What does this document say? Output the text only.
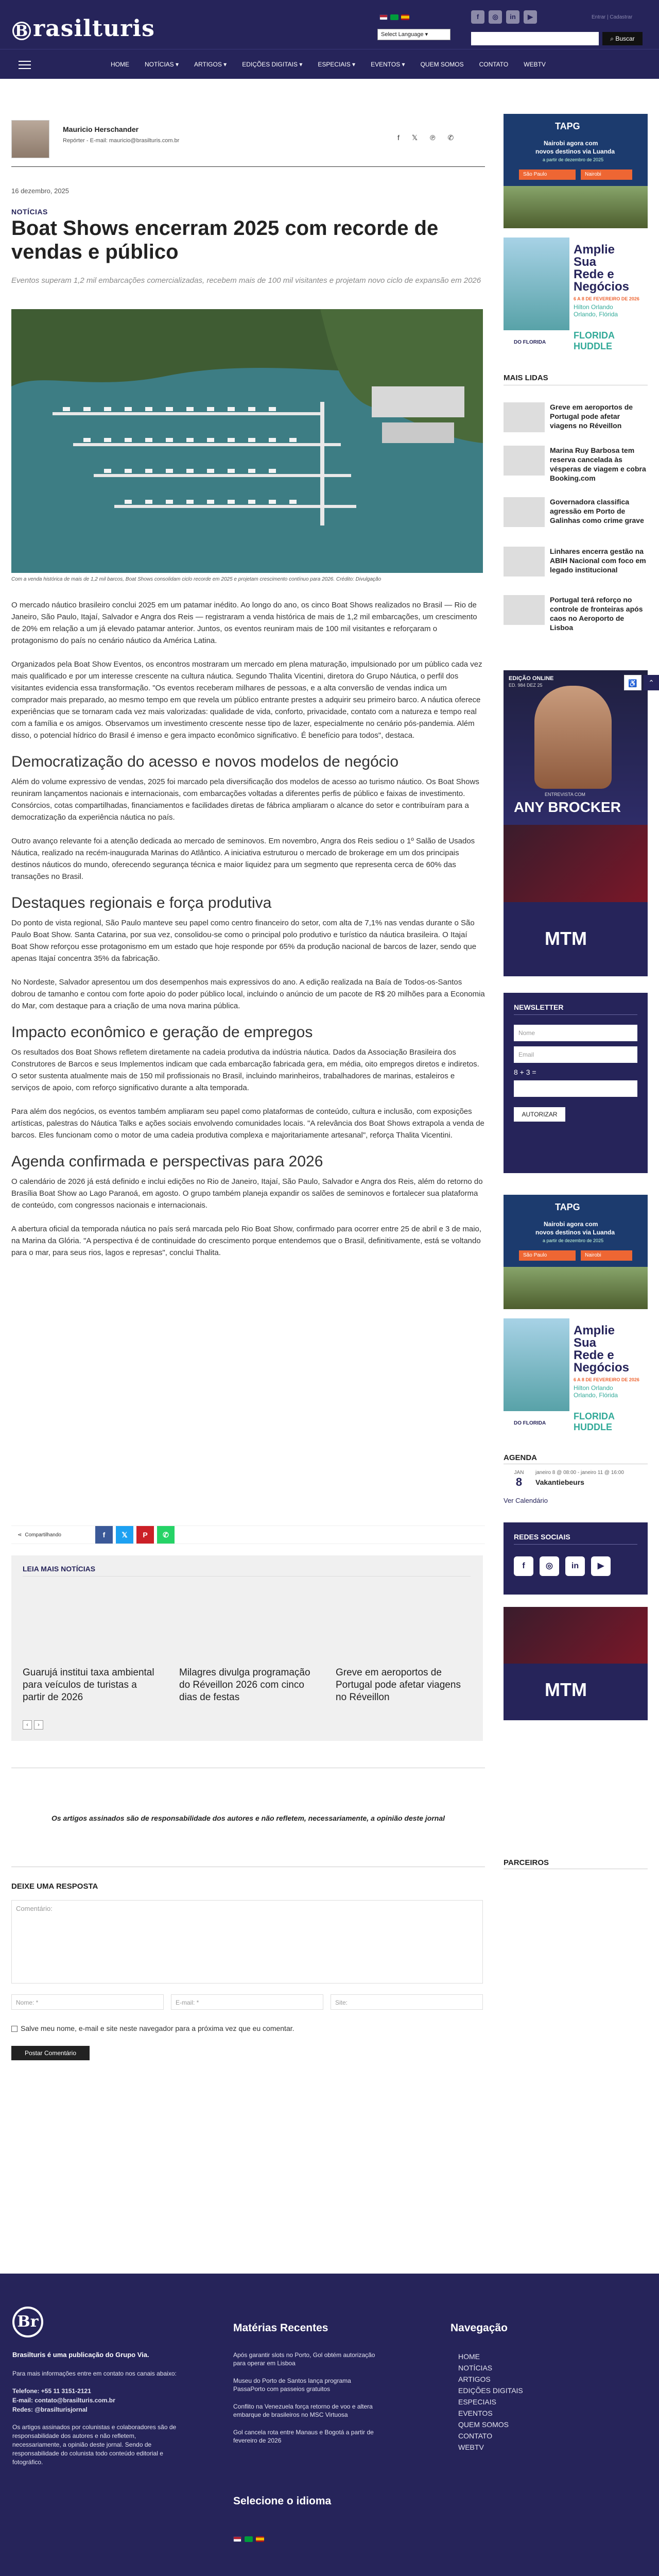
B rasilturis	Select Language ▾
f	◎	in	▶	Entrar | Cadastrar
⌕ Buscar
HOME	NOTÍCIAS ▾	ARTIGOS ▾	EDIÇÕES DIGITAIS ▾	ESPECIAIS ▾	EVENTOS ▾	QUEM SOMOS	CONTATO	WEBTV
Mauricio Herschander
Repórter - E-mail: mauricio@brasilturis.com.br	f 𝕏 ℗ ✆
16 dezembro, 2025
NOTÍCIAS
Boat Shows encerram 2025 com recorde de vendas e público
Eventos superam 1,2 mil embarcações comercializadas, recebem mais de 100 mil visitantes e projetam novo ciclo de expansão em 2026
Com a venda histórica de mais de 1,2 mil barcos, Boat Shows consolidam ciclo recorde em 2025 e projetam crescimento contínuo para 2026. Crédito: Divulgação

O mercado náutico brasileiro conclui 2025 em um patamar inédito. Ao longo do ano, os cinco Boat Shows realizados no Brasil — Rio de Janeiro, São Paulo, Itajaí, Salvador e Angra dos Reis — registraram a venda histórica de mais de 1,2 mil embarcações, um crescimento de 20% em relação a um já elevado patamar anterior. Juntos, os eventos reuniram mais de 100 mil visitantes e reforçaram o protagonismo do país no cenário náutico da América Latina.

Organizados pela Boat Show Eventos, os encontros mostraram um mercado em plena maturação, impulsionado por um público cada vez mais qualificado e por um interesse crescente na cultura náutica. Segundo Thalita Vicentini, diretora do Grupo Náutica, o perfil dos visitantes evidencia essa transformação. "Os eventos receberam milhares de pessoas, e a alta conversão de vendas indica um comprador mais preparado, ao mesmo tempo em que revela um público entrante prestes a adquirir seu primeiro barco. A náutica oferece experiências que se tornaram cada vez mais valorizadas: qualidade de vida, conforto, privacidade, contato com a natureza e tempo real com a família e os amigos. Observamos um investimento crescente nesse tipo de lazer, especialmente no cenário pós-pandemia. Além disso, o potencial hídrico do Brasil é imenso e gera impacto econômico significativo. É benefício para todos", destaca.

Democratização do acesso e novos modelos de negócio

Além do volume expressivo de vendas, 2025 foi marcado pela diversificação dos modelos de acesso ao turismo náutico. Os Boat Shows reuniram lançamentos nacionais e internacionais, com embarcações voltadas a diferentes perfis de público e faixas de investimento. Consórcios, cotas compartilhadas, financiamentos e facilidades diretas de fábrica ampliaram o alcance do setor e contribuíram para a democratização da experiência náutica no país.

Outro avanço relevante foi a atenção dedicada ao mercado de seminovos. Em novembro, Angra dos Reis sediou o 1º Salão de Usados Náutica, realizado na recém-inaugurada Marinas do Atlântico. A iniciativa estruturou o mercado de brokerage em um dos principais destinos náuticos do mundo, oferecendo segurança técnica e maior liquidez para um segmento que representa cerca de 60% das transações no Brasil.

Destaques regionais e força produtiva

Do ponto de vista regional, São Paulo manteve seu papel como centro financeiro do setor, com alta de 7,1% nas vendas durante o São Paulo Boat Show. Santa Catarina, por sua vez, consolidou-se como o principal polo produtivo e turístico da náutica brasileira. O Itajaí Boat Show reforçou esse protagonismo em um estado que hoje responde por 65% da produção nacional de barcos de lazer, sendo que apenas Itajaí concentra 35% da fabricação.

No Nordeste, Salvador apresentou um dos desempenhos mais expressivos do ano. A edição realizada na Baía de Todos-os-Santos dobrou de tamanho e contou com forte apoio do poder público local, incluindo o anúncio de um pacote de R$ 20 milhões para a Economia do Mar, com destaque para a criação de uma nova marina pública.

Impacto econômico e geração de empregos

Os resultados dos Boat Shows refletem diretamente na cadeia produtiva da indústria náutica. Dados da Associação Brasileira dos Construtores de Barcos e seus Implementos indicam que cada embarcação fabricada gera, em média, oito empregos diretos e indiretos. O setor sustenta atualmente mais de 150 mil profissionais no Brasil, incluindo marinheiros, trabalhadores de marinas, estaleiros e serviços de apoio, com reforço significativo durante a alta temporada.

Para além dos negócios, os eventos também ampliaram seu papel como plataformas de conteúdo, cultura e inclusão, com exposições artísticas, palestras do Náutica Talks e ações sociais envolvendo comunidades locais. "A relevância dos Boat Shows extrapola a venda de barcos. Eles funcionam como o motor de uma cadeia produtiva complexa e majoritariamente artesanal", reforça Thalita Vicentini.

Agenda confirmada e perspectivas para 2026

O calendário de 2026 já está definido e inclui edições no Rio de Janeiro, Itajaí, São Paulo, Salvador e Angra dos Reis, além do retorno do Brasília Boat Show ao Lago Paranoá, em agosto. O grupo também planeja expandir os salões de seminovos e fortalecer sua plataforma de conteúdo, com congressos nacionais e internacionais.

A abertura oficial da temporada náutica no país será marcada pelo Rio Boat Show, confirmado para ocorrer entre 25 de abril e 3 de maio, na Marina da Glória. "A perspectiva é de continuidade do crescimento porque entendemos que o Brasil, definitivamente, está se voltando para o mar, para seus rios, lagos e represas", conclui Thalita.

⋖ Compartilhando	f	𝕏	P	✆
LEIA MAIS NOTÍCIAS
Guarujá institui taxa ambiental para veículos de turistas a partir de 2026
Milagres divulga programação do Réveillon 2026 com cinco dias de festas
Greve em aeroportos de Portugal pode afetar viagens no Réveillon
‹	›
Os artigos assinados são de responsabilidade dos autores e não refletem, necessariamente, a opinião deste jornal
DEIXE UMA RESPOSTA
Comentário:
Nome: *	E-mail: *	Site:
Salve meu nome, e-mail e site neste navegador para a próxima vez que eu comentar.
Postar Comentário
TAPG
Nairobi agora com
novos destinos via Luanda
a partir de dezembro de 2025
São Paulo	Nairobi
Amplie
Sua
Rede e
Negócios
6 A 8 DE FEVEREIRO DE 2026
Hilton Orlando
Orlando, Flórida
DO FLORIDA
FLORIDA HUDDLE
MAIS LIDAS
Greve em aeroportos de Portugal pode afetar viagens no Réveillon
Marina Ruy Barbosa tem reserva cancelada às vésperas de viagem e cobra Booking.com
Governadora classifica agressão em Porto de Galinhas como crime grave
Linhares encerra gestão na ABIH Nacional com foco em legado institucional
Portugal terá reforço no controle de fronteiras após caos no Aeroporto de Lisboa
EDIÇÃO ONLINE
ED. 984 DEZ 25
ENTREVISTA COM
ANY BROCKER
MTM
NEWSLETTER
Nome
Email
8 + 3 =
AUTORIZAR
TAPG
Nairobi agora com
novos destinos via Luanda
a partir de dezembro de 2025
São Paulo	Nairobi
Amplie
Sua
Rede e
Negócios
6 A 8 DE FEVEREIRO DE 2026
Hilton Orlando
Orlando, Flórida
DO FLORIDA
FLORIDA HUDDLE
AGENDA
JAN
8
janeiro 8 @ 08:00 - janeiro 11 @ 16:00
Vakantiebeurs
Ver Calendário
REDES SOCIAIS
f	◎	in	▶
MTM
PARCEIROS
♿	⌃
Br
Brasilturis é uma publicação do Grupo Via.
Para mais informações entre em contato nos canais abaixo:
Telefone: +55 11 3151-2121
E-mail: contato@brasilturis.com.br
Redes: @brasilturisjornal
Os artigos assinados por colunistas e colaboradores são de responsabilidade dos autores e não refletem, necessariamente, a opinião deste jornal. Sendo de responsabilidade do colunista todo conteúdo editorial e fotográfico.
Matérias Recentes
Após garantir slots no Porto, Gol obtém autorização para operar em Lisboa
Museu do Porto de Santos lança programa PassaPorto com passeios gratuitos
Conflito na Venezuela força retorno de voo e altera embarque de brasileiros no MSC Virtuosa
Gol cancela rota entre Manaus e Bogotá a partir de fevereiro de 2026
Selecione o idioma
Navegação
HOME
NOTÍCIAS
ARTIGOS
EDIÇÕES DIGITAIS
ESPECIAIS
EVENTOS
QUEM SOMOS
CONTATO
WEBTV
